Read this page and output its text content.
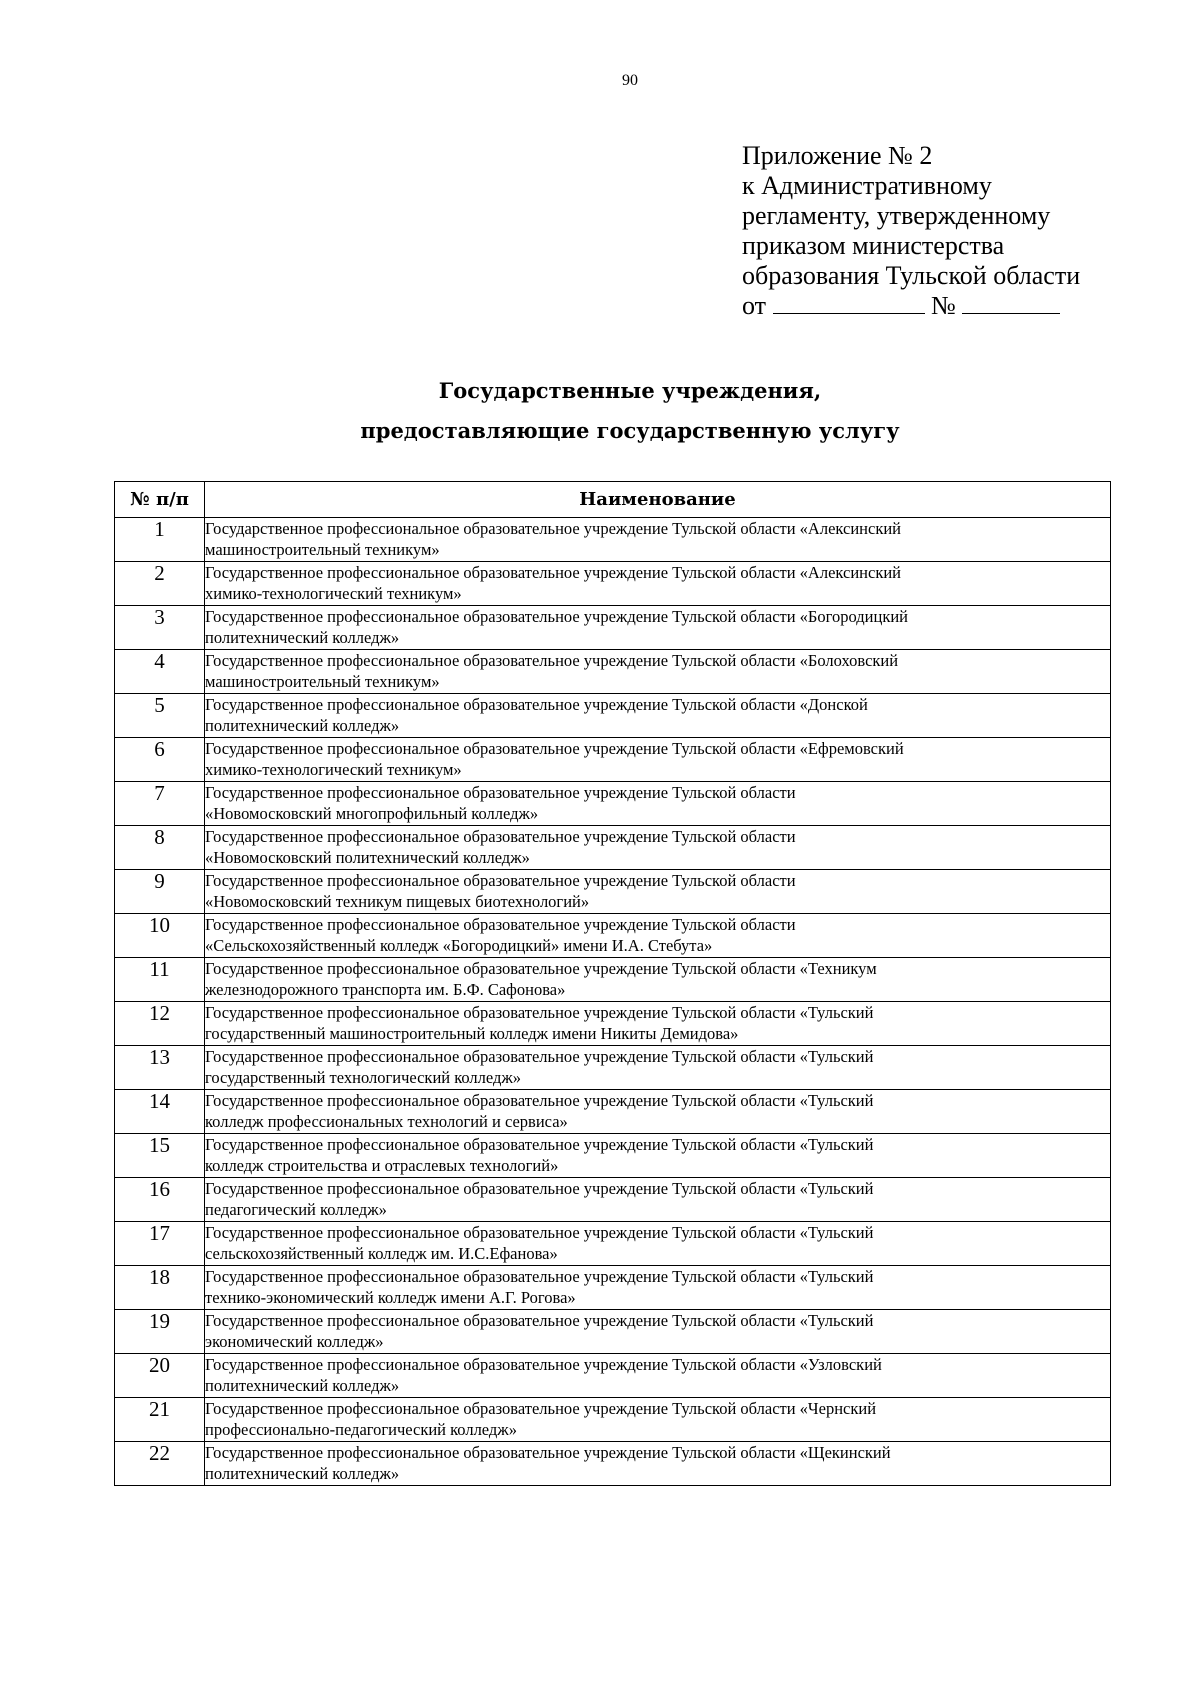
90
Приложение № 2
к Административному
регламенту, утвержденному
приказом министерства
образования Тульской области
от	№
Государственные учреждения,
предоставляющие государственную услугу
№ п/п	Наименование
1	Государственное профессиональное образовательное учреждение Тульской области «Алексинский
машиностроительный техникум»

2	Государственное профессиональное образовательное учреждение Тульской области «Алексинский
химико-технологический техникум»

3	Государственное профессиональное образовательное учреждение Тульской области «Богородицкий
политехнический колледж»

4	Государственное профессиональное образовательное учреждение Тульской области «Болоховский
машиностроительный техникум»

5	Государственное профессиональное образовательное учреждение Тульской области «Донской
политехнический колледж»

6	Государственное профессиональное образовательное учреждение Тульской области «Ефремовский
химико-технологический техникум»

7	Государственное профессиональное образовательное учреждение Тульской области
«Новомосковский многопрофильный колледж»

8	Государственное профессиональное образовательное учреждение Тульской области
«Новомосковский политехнический колледж»

9	Государственное профессиональное образовательное учреждение Тульской области
«Новомосковский техникум пищевых биотехнологий»

10	Государственное профессиональное образовательное учреждение Тульской области
«Сельскохозяйственный колледж «Богородицкий» имени И.А. Стебута»

11	Государственное профессиональное образовательное учреждение Тульской области «Техникум
железнодорожного транспорта им. Б.Ф. Сафонова»

12	Государственное профессиональное образовательное учреждение Тульской области «Тульский
государственный машиностроительный колледж имени Никиты Демидова»

13	Государственное профессиональное образовательное учреждение Тульской области «Тульский
государственный технологический колледж»

14	Государственное профессиональное образовательное учреждение Тульской области «Тульский
колледж профессиональных технологий и сервиса»

15	Государственное профессиональное образовательное учреждение Тульской области «Тульский
колледж строительства и отраслевых технологий»

16	Государственное профессиональное образовательное учреждение Тульской области «Тульский
педагогический колледж»

17	Государственное профессиональное образовательное учреждение Тульской области «Тульский
сельскохозяйственный колледж им. И.С.Ефанова»

18	Государственное профессиональное образовательное учреждение Тульской области «Тульский
технико-экономический колледж имени А.Г. Рогова»

19	Государственное профессиональное образовательное учреждение Тульской области «Тульский
экономический колледж»

20	Государственное профессиональное образовательное учреждение Тульской области «Узловский
политехнический колледж»

21	Государственное профессиональное образовательное учреждение Тульской области «Чернский
профессионально-педагогический колледж»

22	Государственное профессиональное образовательное учреждение Тульской области «Щекинский
политехнический колледж»
